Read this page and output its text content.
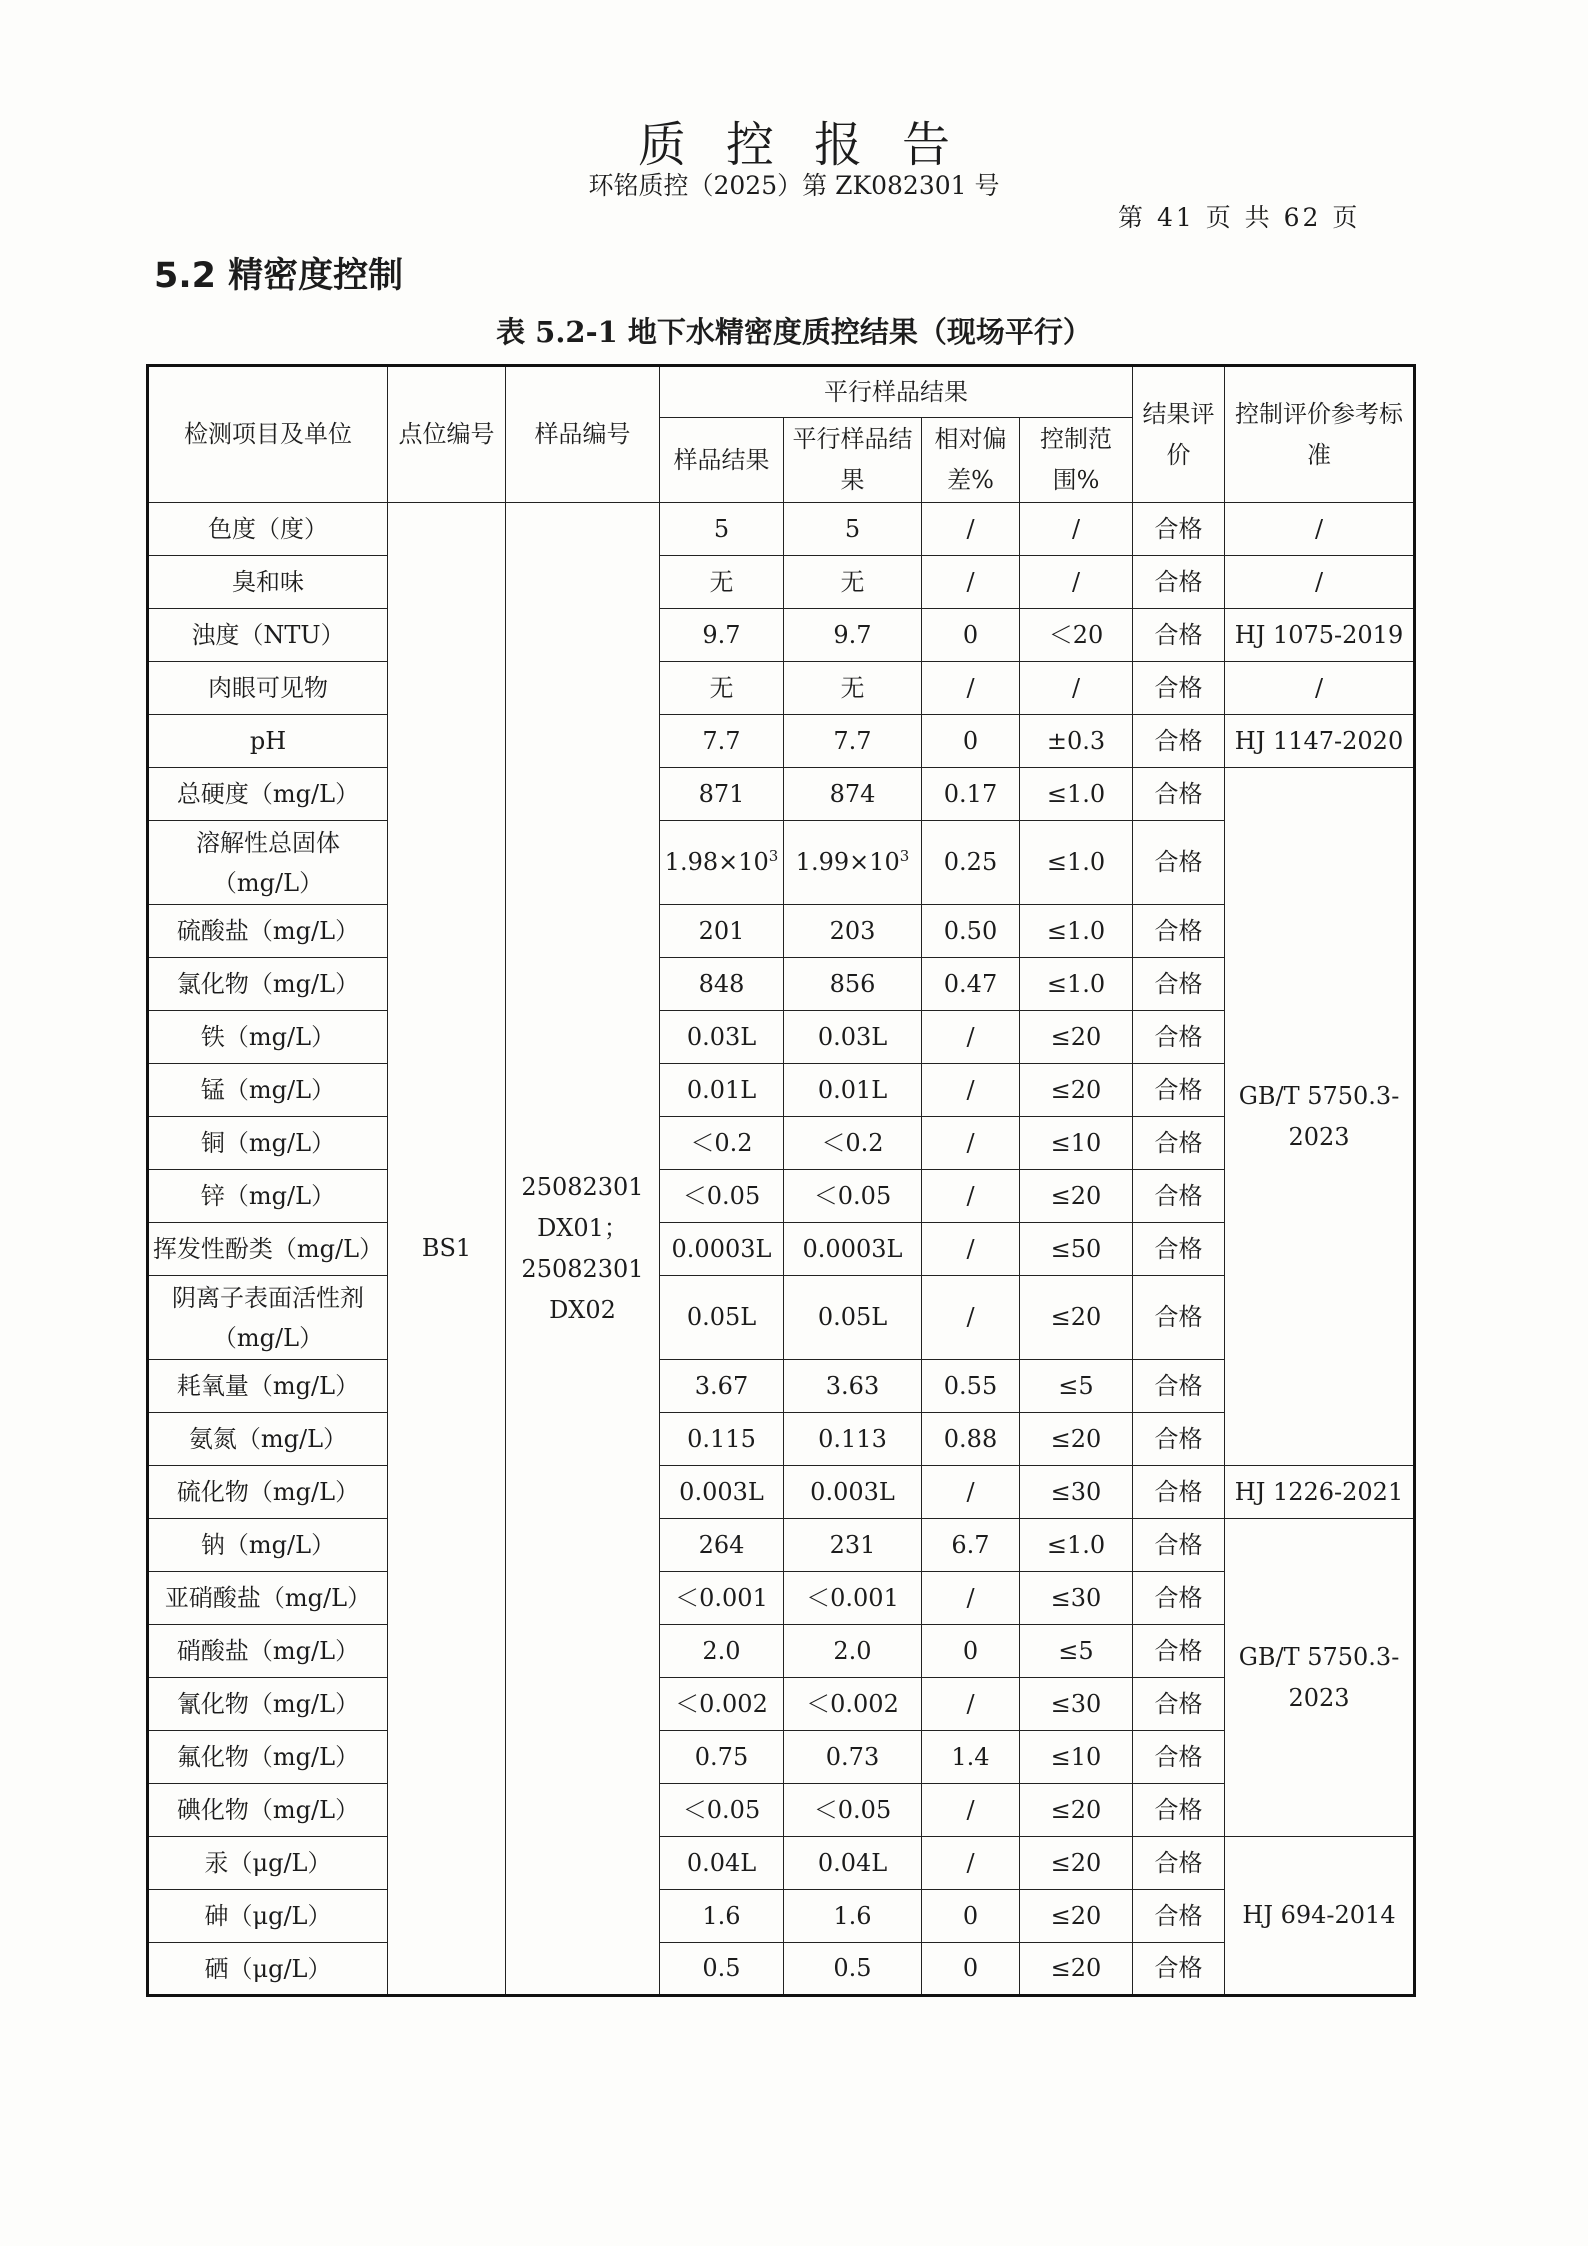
质控报告
环铭质控（2025）第 ZK082301 号
第 41 页 共 62 页
5.2 精密度控制
表 5.2-1 地下水精密度质控结果（现场平行）
检测项目及单位	点位编号	样品编号	平行样品结果				结果评价	控制评价参考标准
			样品结果	平行样品结果	相对偏差%	控制范围%		
色度（度）	BS1	25082301 DX01；25082301 DX02	5	5	/	/	合格	/
臭和味			无	无	/	/	合格	/
浊度（NTU）			9.7	9.7	0	＜20	合格	HJ 1075-2019
肉眼可见物			无	无	/	/	合格	/
pH			7.7	7.7	0	±0.3	合格	HJ 1147-2020
总硬度（mg/L）			871	874	0.17	≤1.0	合格	GB/T 5750.3-2023
溶解性总固体（mg/L）			$1.98\times 10^3$	$1.99\times 10^3$	0.25	≤1.0	合格	
硫酸盐（mg/L）			201	203	0.50	≤1.0	合格	
氯化物（mg/L）			848	856	0.47	≤1.0	合格	
铁（mg/L）			0.03L	0.03L	/	≤20	合格	
锰（mg/L）			0.01L	0.01L	/	≤20	合格	
铜（mg/L）			＜0.2	＜0.2	/	≤10	合格	
锌（mg/L）			＜0.05	＜0.05	/	≤20	合格	
挥发性酚类（mg/L）			0.0003L	0.0003L	/	≤50	合格	
阴离子表面活性剂（mg/L）			0.05L	0.05L	/	≤20	合格	
耗氧量（mg/L）			3.67	3.63	0.55	≤5	合格	
氨氮（mg/L）			0.115	0.113	0.88	≤20	合格	
硫化物（mg/L）			0.003L	0.003L	/	≤30	合格	HJ 1226-2021
钠（mg/L）			264	231	6.7	≤1.0	合格	GB/T 5750.3-2023
亚硝酸盐（mg/L）			＜0.001	＜0.001	/	≤30	合格	
硝酸盐（mg/L）			2.0	2.0	0	≤5	合格	
氰化物（mg/L）			＜0.002	＜0.002	/	≤30	合格	
氟化物（mg/L）			0.75	0.73	1.4	≤10	合格	
碘化物（mg/L）			＜0.05	＜0.05	/	≤20	合格	
汞（μg/L）			0.04L	0.04L	/	≤20	合格	HJ 694-2014
砷（μg/L）			1.6	1.6	0	≤20	合格	
硒（μg/L）			0.5	0.5	0	≤20	合格	
